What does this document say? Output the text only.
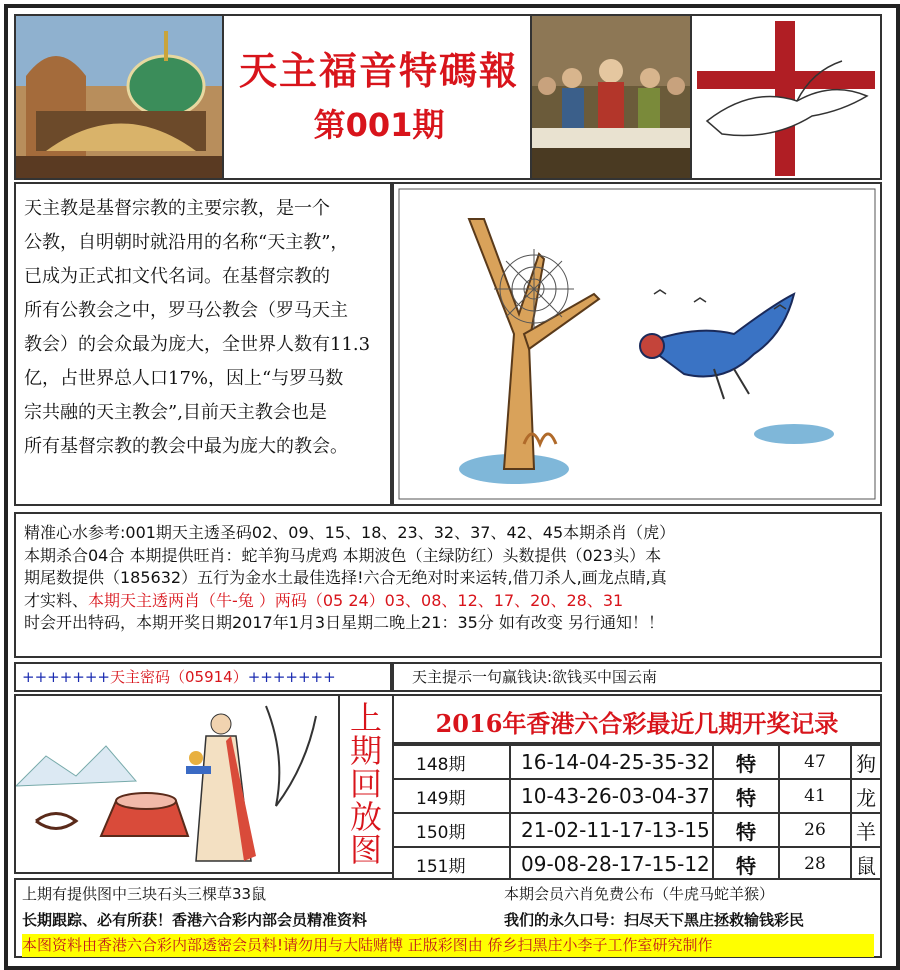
天主福音特碼報
第001期
天主教是基督宗教的主要宗教，是一个
公教，自明朝时就沿用的名称“天主教”，
已成为正式扣文代名词。在基督宗教的
所有公教会之中，罗马公教会（罗马天主
教会）的会众最为庞大，全世界人数有11.3
亿，占世界总人口17%，因上“与罗马数
宗共融的天主教会”,目前天主教会也是
所有基督宗教的教会中最为庞大的教会。
精准心水参考:001期天主透圣码02、09、15、18、23、32、37、42、45本期杀肖（虎）
本期杀合04合 本期提供旺肖：蛇羊狗马虎鸡 本期波色（主绿防红）头数提供（023头）本
期尾数提供（185632）五行为金水土最佳选择!六合无绝对时来运转,借刀杀人,画龙点睛,真
才实料、本期天主透两肖（牛-兔 ）两码（05 24）03、08、12、17、20、28、31
时会开出特码，本期开奖日期2017年1月3日星期二晚上21：35分 如有改变 另行通知！！
+++++++天主密码（05914）+++++++	天主提示一句赢钱诀:欲钱买中国云南
上
期
回
放
图
2016年香港六合彩最近几期开奖记录
148期	16-14-04-25-35-32	特	47	狗
149期	10-43-26-03-04-37	特	41	龙
150期	21-02-11-17-13-15	特	26	羊
151期	09-08-28-17-15-12	特	28	鼠
上期有提供图中三块石头三棵草33鼠	本期会员六肖免费公布（牛虎马蛇羊猴）
长期跟踪、必有所获！香港六合彩内部会员精准资料	我们的永久口号：扫尽天下黑庄拯救输钱彩民
本图资料由香港六合彩内部透密会员料!请勿用与大陆赌博 正版彩图由 侨乡扫黑庄小李子工作室研究制作
